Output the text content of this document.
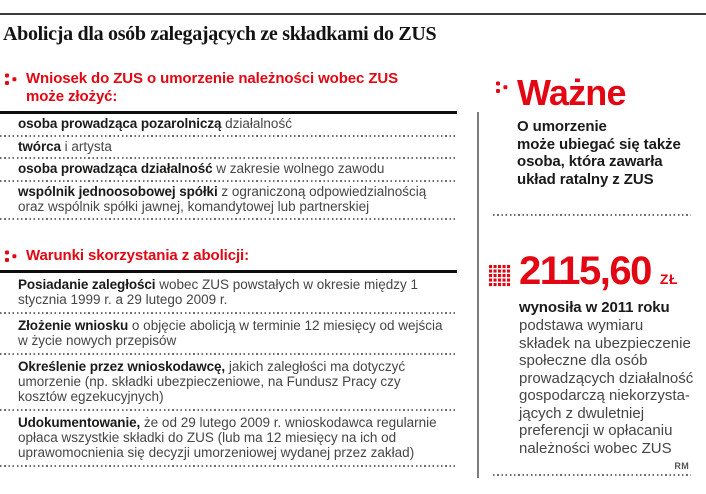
Abolicja dla osób zalegających ze składkami do ZUS
Wniosek do ZUS o umorzenie należności wobec ZUS
może złożyć:
osoba prowadząca pozarolniczą działalność
twórca i artysta
osoba prowadząca działalność w zakresie wolnego zawodu
wspólnik jednoosobowej spółki z ograniczoną odpowiedzialnością oraz wspólnik spółki jawnej, komandytowej lub partnerskiej
Warunki skorzystania z abolicji:
Posiadanie zaległości wobec ZUS powstałych w okresie między 1 stycznia 1999 r. a 29 lutego 2009 r.
Złożenie wniosku o objęcie abolicją w terminie 12 miesięcy od wejścia w życie nowych przepisów
Określenie przez wnioskodawcę, jakich zaległości ma dotyczyć umorzenie (np. składki ubezpieczeniowe, na Fundusz Pracy czy kosztów egzekucyjnych)
Udokumentowanie, że od 29 lutego 2009 r. wnioskodawca regularnie opłaca wszystkie składki do ZUS (lub ma 12 miesięcy na ich od uprawomocnienia się decyzji umorzeniowej wydanej przez zakład)
Ważne
O umorzenie
może ubiegać się także
osoba, która zawarła
układ ratalny z ZUS
2115,60 ZŁ
wynosiła w 2011 roku
podstawa wymiaru
składek na ubezpieczenie
społeczne dla osób
prowadzących działalność
gospodarczą niekorzysta-
jących z dwuletniej
preferencji w opłacaniu
należności wobec ZUS
RM
